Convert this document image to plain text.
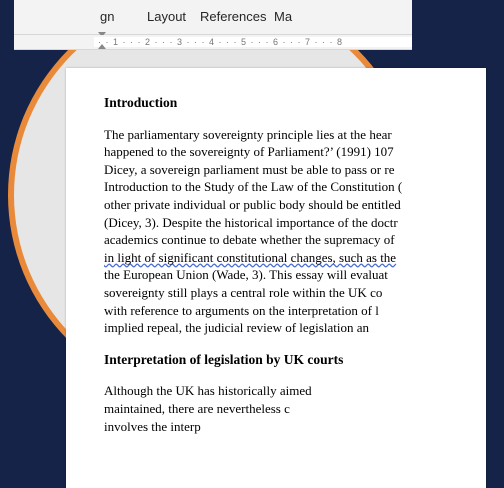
gn	Layout References Ma
· · 1 · · · 2 · · · 3 · · · 4 · · · 5 · · · 6 · · · 7 · · · 8
Introduction
The parliamentary sovereignty principle lies at the hear
happened to the sovereignty of Parliament?’ (1991) 107
Dicey, a sovereign parliament must be able to pass or re
Introduction to the Study of the Law of the Constitution (
other private individual or public body should be entitled
(Dicey, 3). Despite the historical importance of the doctr
academics continue to debate whether the supremacy of
in light of significant constitutional changes, such as the
the European Union (Wade, 3). This essay will evaluat
sovereignty still plays a central role within the UK co
with reference to arguments on the interpretation of l
implied repeal, the judicial review of legislation an
Interpretation of legislation by UK courts
Although the UK has historically aimed
maintained, there are nevertheless c
involves the interp
